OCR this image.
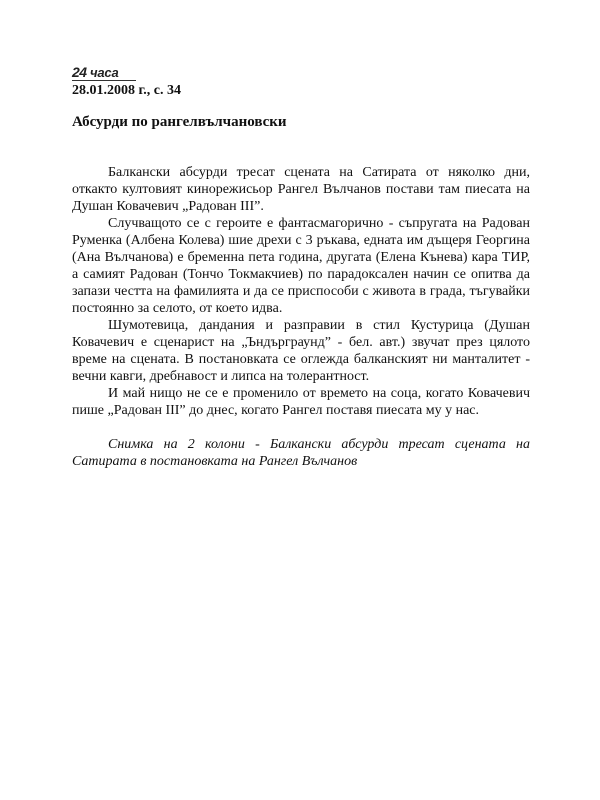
24 часа
28.01.2008 г., с. 34
Абсурди по рангелвълчановски

Балкански абсурди тресат сцената на Сатирата от няколко дни, откакто култовият кинорежисьор Рангел Вълчанов постави там пиесата на Душан Ковачевич „Радован III”.

Случващото се с героите е фантасмагорично - съпругата на Радован Руменка (Албена Колева) шие дрехи с 3 ръкава, едната им дъщеря Георгина (Ана Вълчанова) е бременна пета година, другата (Елена Кънева) кара ТИР, а самият Радован (Тончо Токмакчиев) по парадоксален начин се опитва да запази честта на фамилията и да се приспособи с живота в града, тъгувайки постоянно за селото, от което идва.

Шумотевица, дандания и разправии в стил Кустурица (Душан Ковачевич е сценарист на „Ъндърграунд” - бел. авт.) звучат през цялото време на сцената. В постановката се оглежда балканският ни манталитет - вечни кавги, дребнавост и липса на толерантност.

И май нищо не се е променило от времето на соца, когато Ковачевич пише „Радован III” до днес, когато Рангел поставя пиесата му у нас.

Снимка на 2 колони - Балкански абсурди тресат сцената на Сатирата в постановката на Рангел Вълчанов
